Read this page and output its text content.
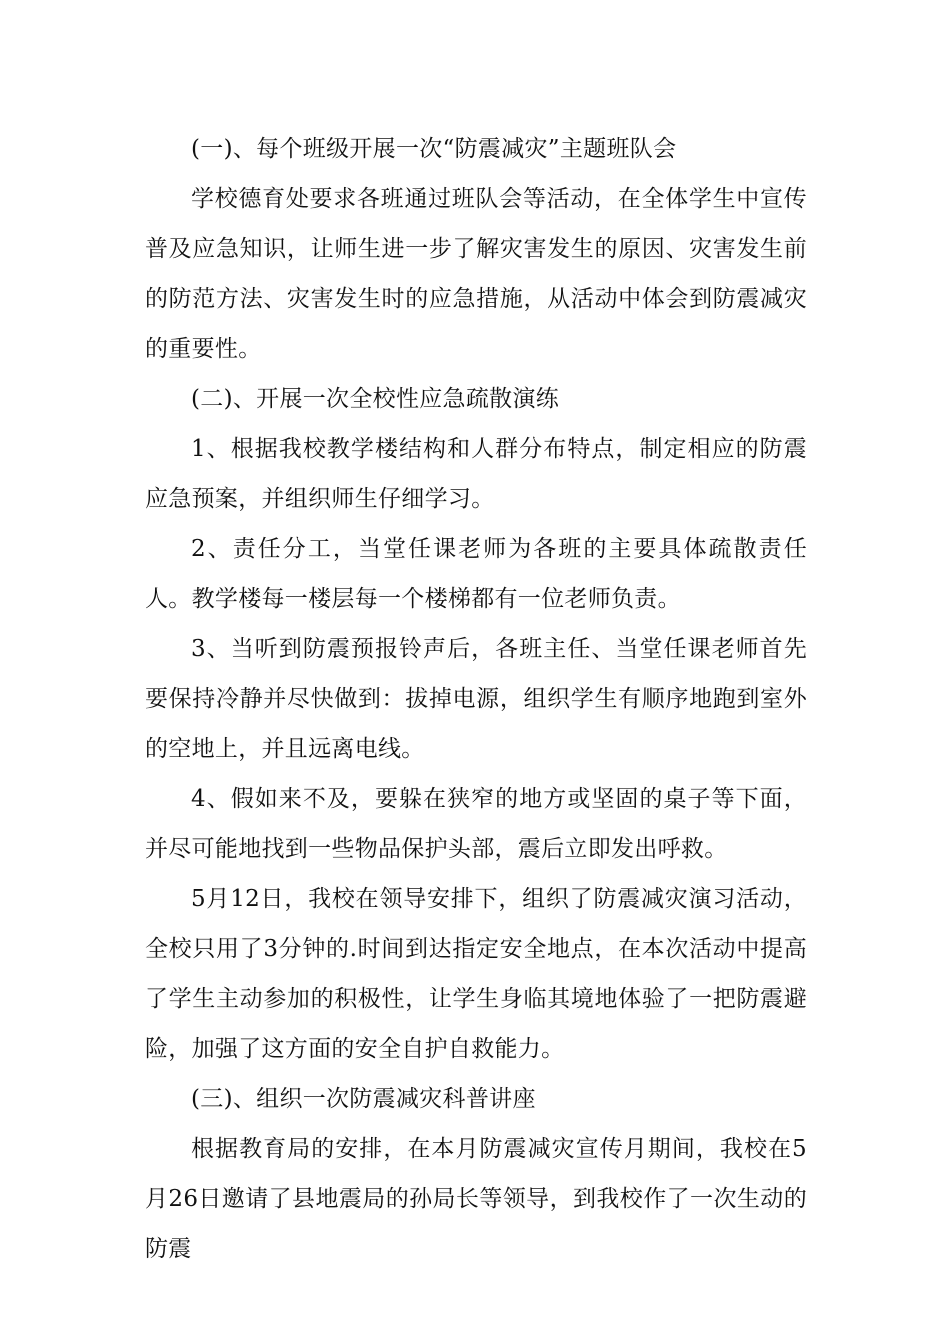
(一)、每个班级开展一次“防震减灾”主题班队会

学校德育处要求各班通过班队会等活动，在全体学生中宣传普及应急知识，让师生进一步了解灾害发生的原因、灾害发生前的防范方法、灾害发生时的应急措施，从活动中体会到防震减灾的重要性。

(二)、开展一次全校性应急疏散演练

1、根据我校教学楼结构和人群分布特点，制定相应的防震应急预案，并组织师生仔细学习。

2、责任分工，当堂任课老师为各班的主要具体疏散责任人。教学楼每一楼层每一个楼梯都有一位老师负责。

3、当听到防震预报铃声后，各班主任、当堂任课老师首先要保持冷静并尽快做到：拔掉电源，组织学生有顺序地跑到室外的空地上，并且远离电线。

4、假如来不及，要躲在狭窄的地方或坚固的桌子等下面，并尽可能地找到一些物品保护头部，震后立即发出呼救。

5月12日，我校在领导安排下，组织了防震减灾演习活动，全校只用了3分钟的.时间到达指定安全地点，在本次活动中提高了学生主动参加的积极性，让学生身临其境地体验了一把防震避险，加强了这方面的安全自护自救能力。

(三)、组织一次防震减灾科普讲座

根据教育局的安排，在本月防震减灾宣传月期间，我校在5月26日邀请了县地震局的孙局长等领导，到我校作了一次生动的防震
